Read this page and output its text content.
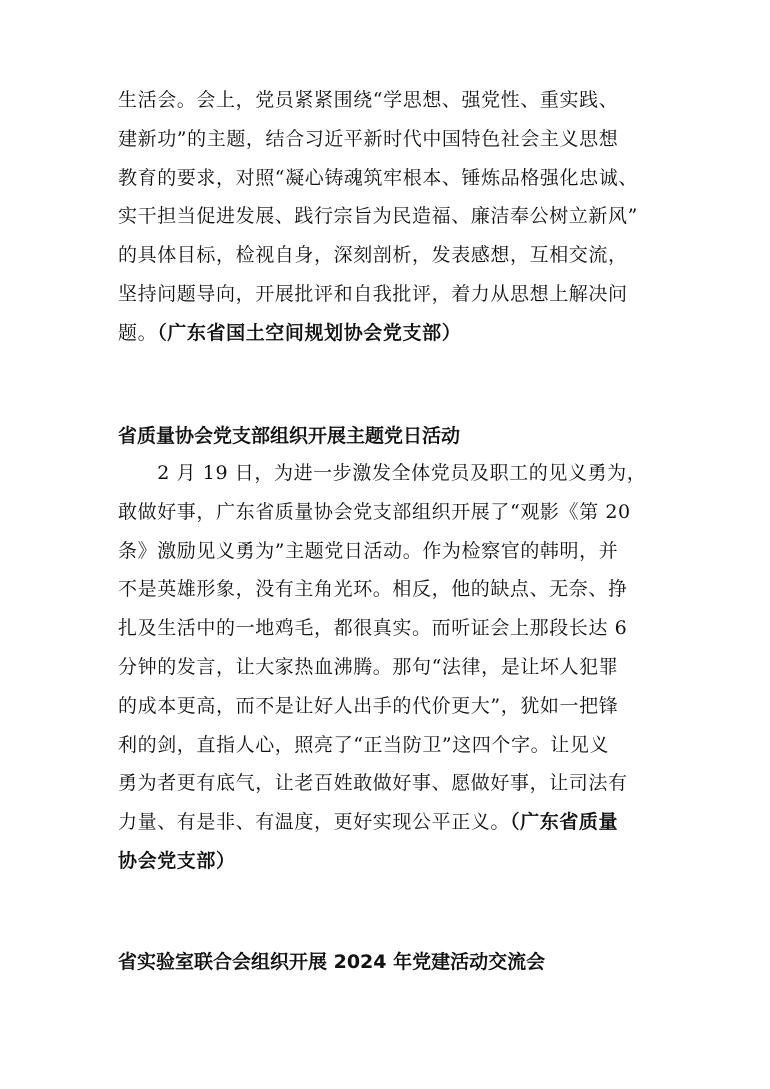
生活会。会上，党员紧紧围绕“学思想、强党性、重实践、
建新功”的主题，结合习近平新时代中国特色社会主义思想
教育的要求，对照“凝心铸魂筑牢根本、锤炼品格强化忠诚、
实干担当促进发展、践行宗旨为民造福、廉洁奉公树立新风”
的具体目标，检视自身，深刻剖析，发表感想，互相交流，
坚持问题导向，开展批评和自我批评，着力从思想上解决问
题。（广东省国土空间规划协会党支部）
省质量协会党支部组织开展主题党日活动
　　2 月 19 日，为进一步激发全体党员及职工的见义勇为，
敢做好事，广东省质量协会党支部组织开展了“观影《第 20
条》激励见义勇为”主题党日活动。作为检察官的韩明，并
不是英雄形象，没有主角光环。相反，他的缺点、无奈、挣
扎及生活中的一地鸡毛，都很真实。而听证会上那段长达 6
分钟的发言，让大家热血沸腾。那句“法律，是让坏人犯罪
的成本更高，而不是让好人出手的代价更大”，犹如一把锋
利的剑，直指人心，照亮了“正当防卫”这四个字。让见义
勇为者更有底气，让老百姓敢做好事、愿做好事，让司法有
力量、有是非、有温度，更好实现公平正义。（广东省质量
协会党支部）
省实验室联合会组织开展 2024 年党建活动交流会
